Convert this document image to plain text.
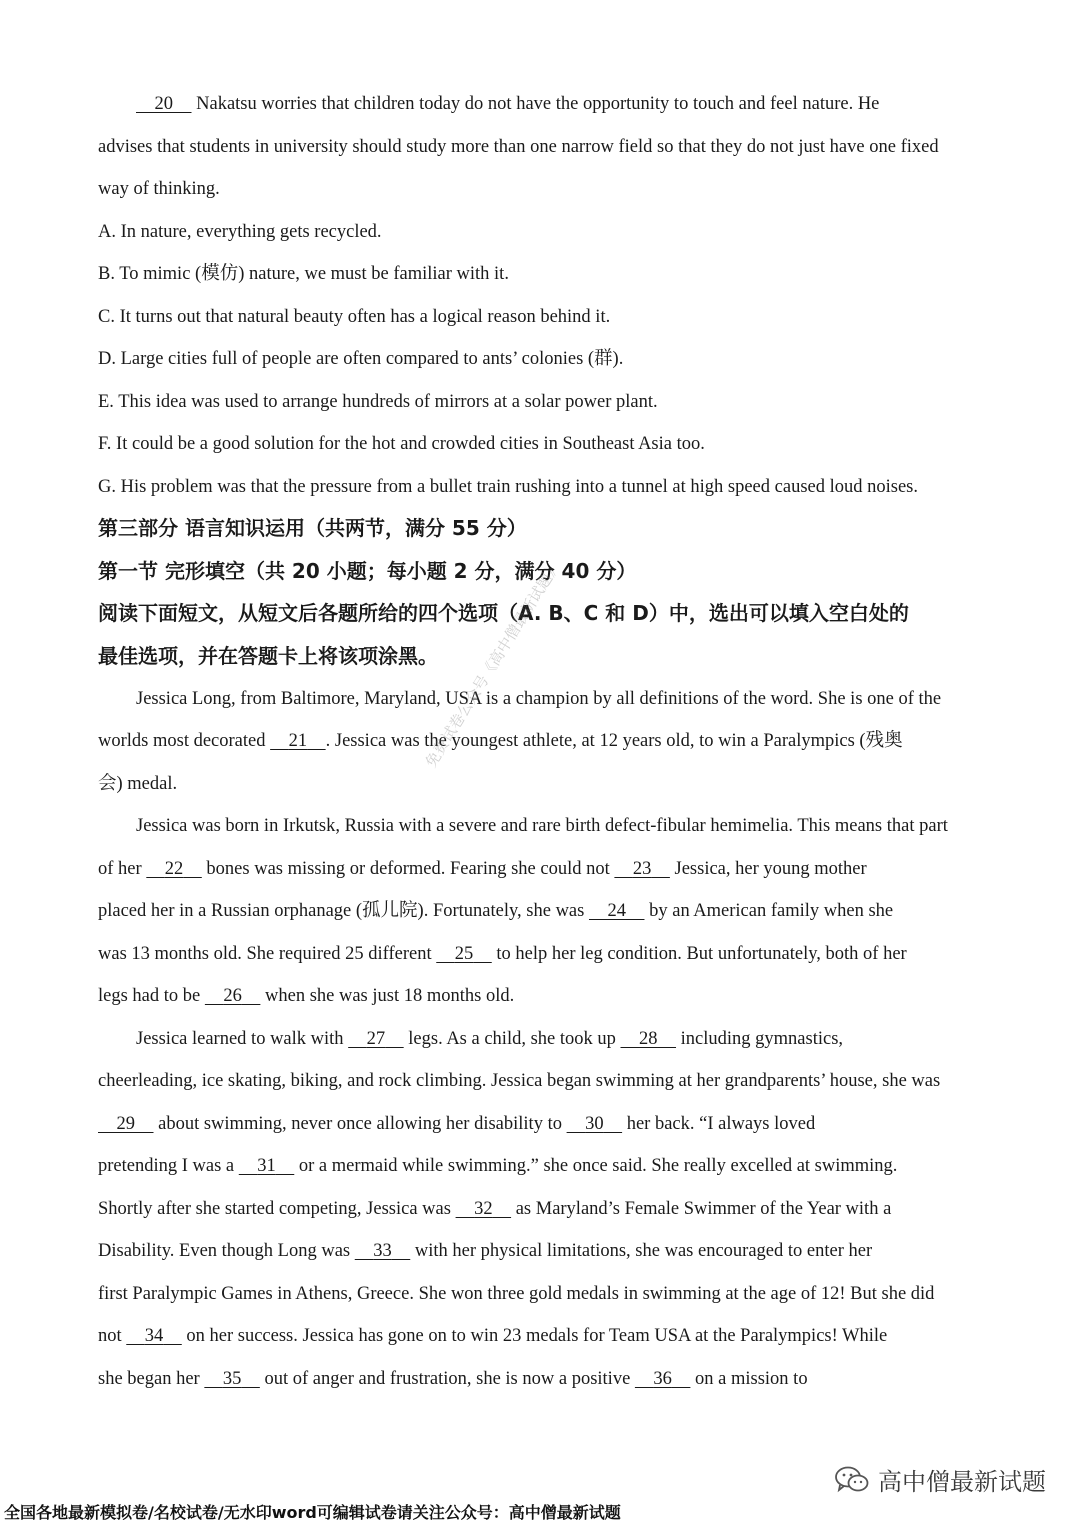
20     Nakatsu worries that children today do not have the opportunity to touch and feel nature. He
advises that students in university should study more than one narrow field so that they do not just have one fixed
way of thinking.
A. In nature, everything gets recycled.
B. To mimic (模仿) nature, we must be familiar with it.
C. It turns out that natural beauty often has a logical reason behind it.
D. Large cities full of people are often compared to ants’ colonies (群).
E. This idea was used to arrange hundreds of mirrors at a solar power plant.
F. It could be a good solution for the hot and crowded cities in Southeast Asia too.
G. His problem was that the pressure from a bullet train rushing into a tunnel at high speed caused loud noises.
第三部分 语言知识运用（共两节，满分 55 分）
第一节 完形填空（共 20 小题；每小题 2 分，满分 40 分）
阅读下面短文，从短文后各题所给的四个选项（A. B、C 和 D）中，选出可以填入空白处的
最佳选项，并在答题卡上将该项涂黑。
Jessica Long, from Baltimore, Maryland, USA is a champion by all definitions of the word. She is one of the
worlds most decorated     21 . Jessica was the youngest athlete, at 12 years old, to win a Paralympics (残奥
会) medal.
Jessica was born in Irkutsk, Russia with a severe and rare birth defect-fibular hemimelia. This means that part
of her     22     bones was missing or deformed. Fearing she could not     23     Jessica, her young mother
placed her in a Russian orphanage (孤儿院). Fortunately, she was     24     by an American family when she
was 13 months old. She required 25 different     25     to help her leg condition. But unfortunately, both of her
legs had to be     26     when she was just 18 months old.
Jessica learned to walk with     27     legs. As a child, she took up     28     including gymnastics,
cheerleading, ice skating, biking, and rock climbing. Jessica began swimming at her grandparents’ house, she was
29     about swimming, never once allowing her disability to     30     her back. “I always loved
pretending I was a     31     or a mermaid while swimming.” she once said. She really excelled at swimming.
Shortly after she started competing, Jessica was     32     as Maryland’s Female Swimmer of the Year with a
Disability. Even though Long was     33     with her physical limitations, she was encouraged to enter her
first Paralympic Games in Athens, Greece. She won three gold medals in swimming at the age of 12! But she did
not     34     on her success. Jessica has gone on to win 23 medals for Team USA at the Paralympics! While
she began her     35     out of anger and frustration, she is now a positive     36     on a mission to
免费试卷公众号《高中僧最新试题》
高中僧最新试题
全国各地最新模拟卷/名校试卷/无水印word可编辑试卷请关注公众号：高中僧最新试题
